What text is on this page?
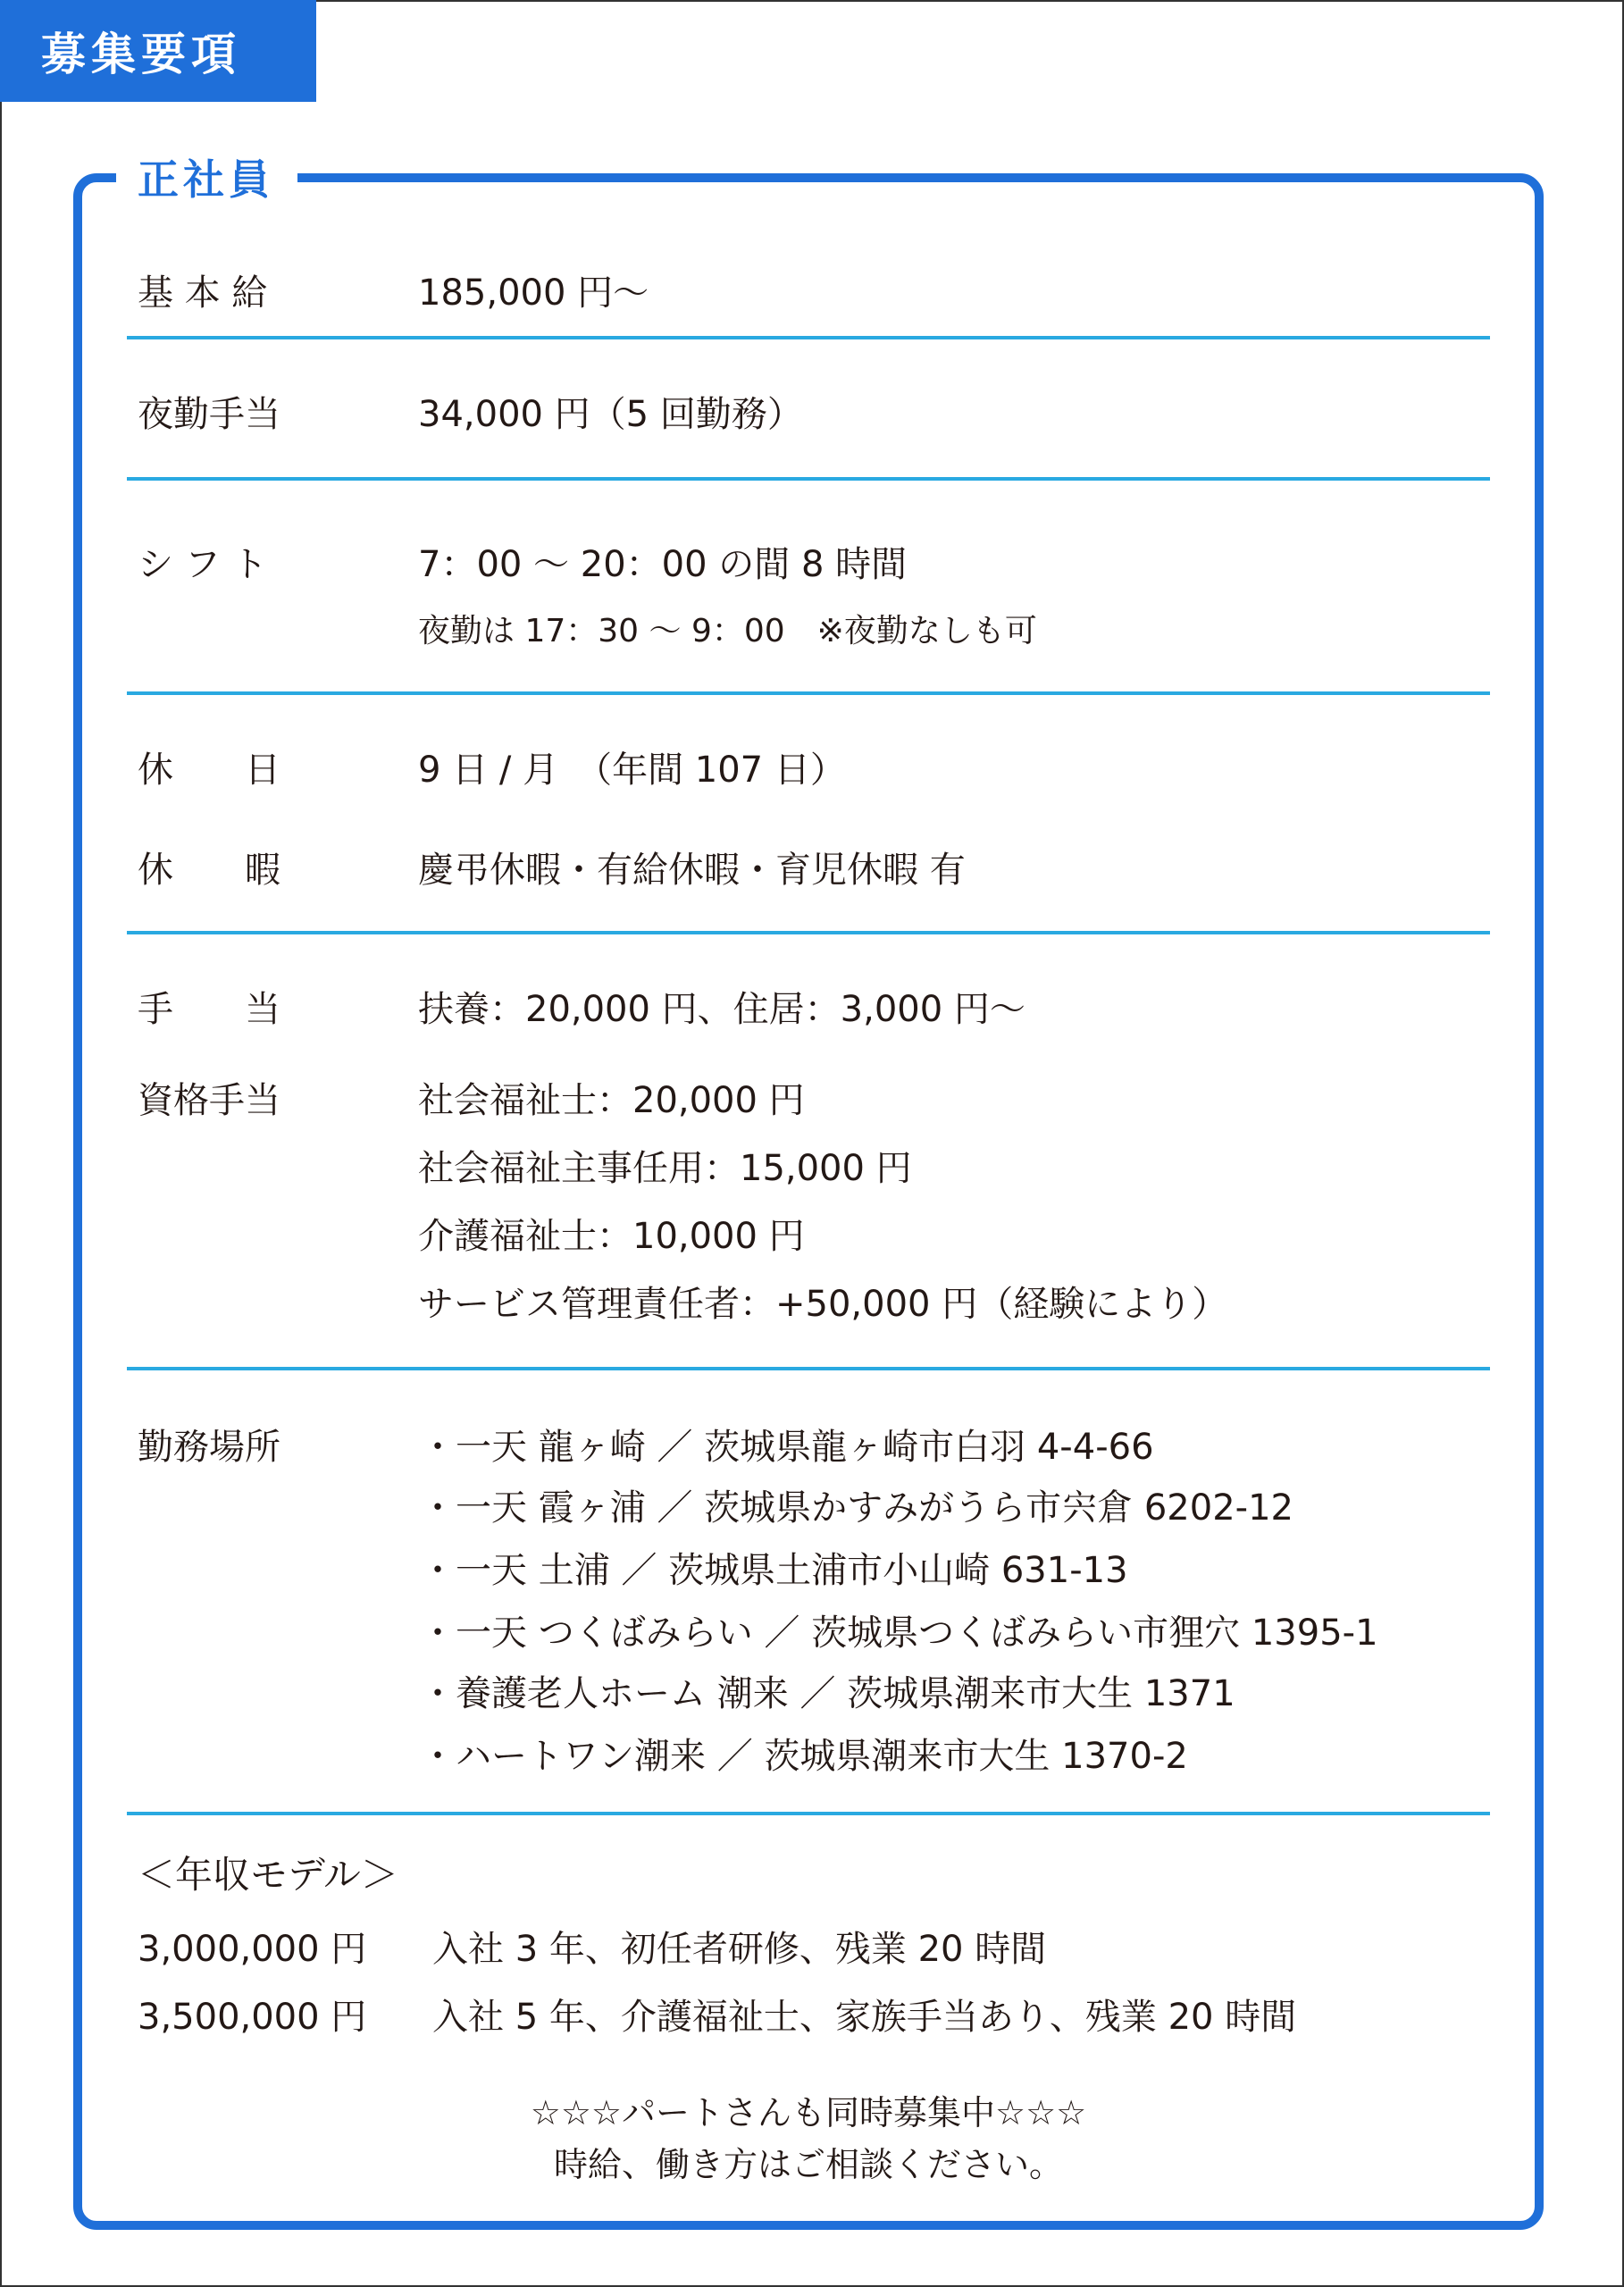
募集要項
正社員
基 本 給	185,000 円～
夜勤手当	34,000 円（5 回勤務）
シ フ ト	7：00 ～ 20：00 の間 8 時間
夜勤は 17：30 ～ 9：00　※夜勤なしも可
休　　日	9 日 / 月　（年間 107 日）
休　　暇	慶弔休暇・有給休暇・育児休暇 有
手　　当	扶養：20,000 円、住居：3,000 円～
資格手当	社会福祉士：20,000 円
社会福祉主事任用：15,000 円
介護福祉士：10,000 円
サービス管理責任者：+50,000 円（経験により）
勤務場所	・一天 龍ヶ崎 ／ 茨城県龍ヶ崎市白羽 4-4-66
・一天 霞ヶ浦 ／ 茨城県かすみがうら市宍倉 6202-12
・一天 土浦 ／ 茨城県土浦市小山崎 631-13
・一天 つくばみらい ／ 茨城県つくばみらい市狸穴 1395-1
・養護老人ホーム 潮来 ／ 茨城県潮来市大生 1371
・ハートワン潮来 ／ 茨城県潮来市大生 1370-2
＜年収モデル＞
3,000,000 円 入社 3 年、初任者研修、残業 20 時間
3,500,000 円 入社 5 年、介護福祉士、家族手当あり、残業 20 時間
☆☆☆パートさんも同時募集中☆☆☆
時給、働き方はご相談ください。
